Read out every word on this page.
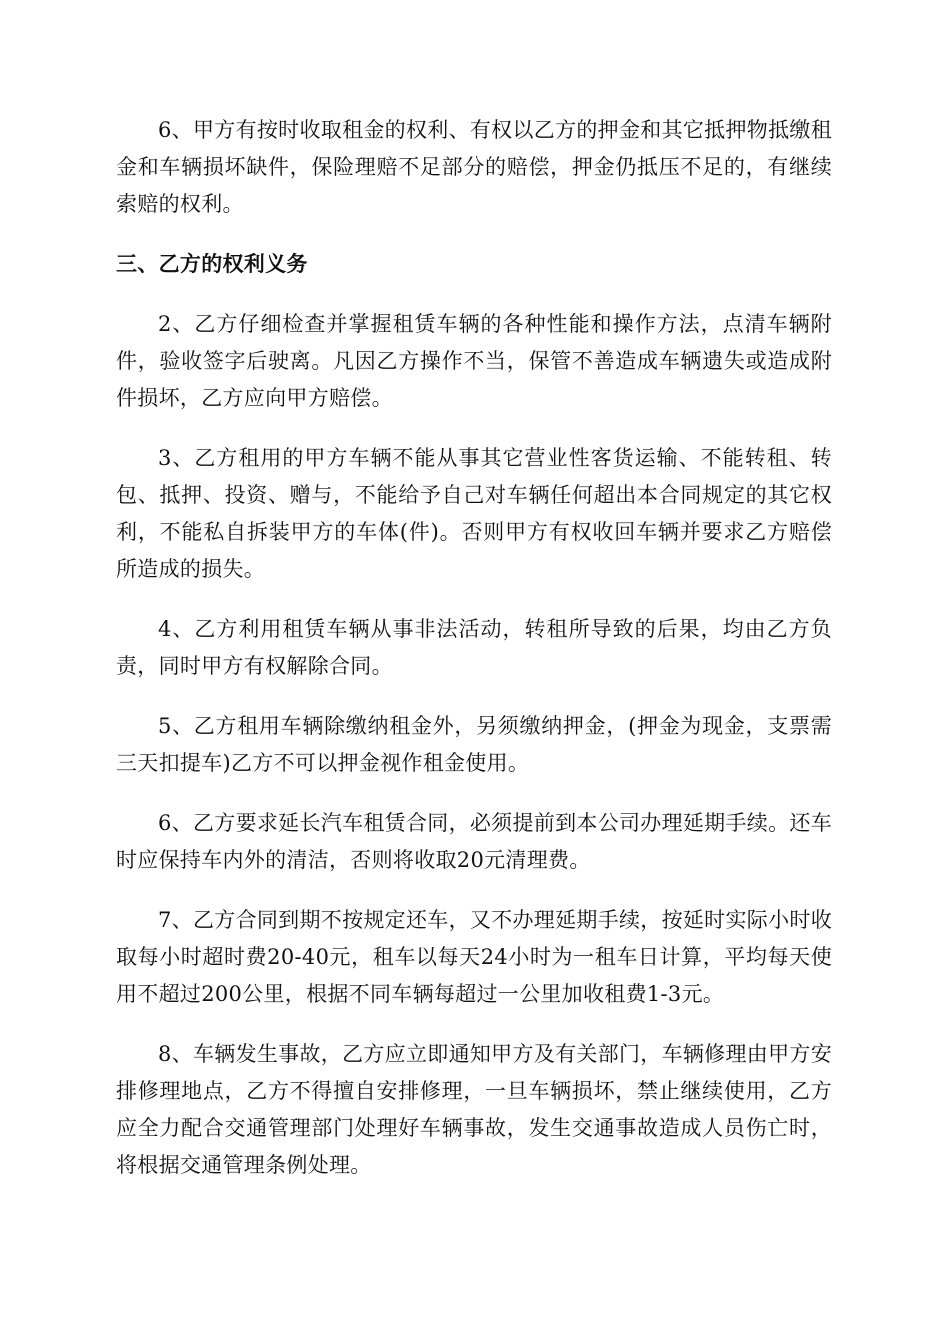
6、甲方有按时收取租金的权利、有权以乙方的押金和其它抵押物抵缴租金和车辆损坏缺件，保险理赔不足部分的赔偿，押金仍抵压不足的，有继续索赔的权利。

三、乙方的权利义务

2、乙方仔细检查并掌握租赁车辆的各种性能和操作方法，点清车辆附件，验收签字后驶离。凡因乙方操作不当，保管不善造成车辆遗失或造成附件损坏，乙方应向甲方赔偿。

3、乙方租用的甲方车辆不能从事其它营业性客货运输、不能转租、转包、抵押、投资、赠与，不能给予自己对车辆任何超出本合同规定的其它权利，不能私自拆装甲方的车体(件)。否则甲方有权收回车辆并要求乙方赔偿所造成的损失。

4、乙方利用租赁车辆从事非法活动，转租所导致的后果，均由乙方负责，同时甲方有权解除合同。

5、乙方租用车辆除缴纳租金外，另须缴纳押金，(押金为现金，支票需三天扣提车)乙方不可以押金视作租金使用。

6、乙方要求延长汽车租赁合同，必须提前到本公司办理延期手续。还车时应保持车内外的清洁，否则将收取20元清理费。

7、乙方合同到期不按规定还车，又不办理延期手续，按延时实际小时收取每小时超时费20-40元，租车以每天24小时为一租车日计算，平均每天使用不超过200公里，根据不同车辆每超过一公里加收租费1-3元。

8、车辆发生事故，乙方应立即通知甲方及有关部门，车辆修理由甲方安排修理地点，乙方不得擅自安排修理，一旦车辆损坏，禁止继续使用，乙方应全力配合交通管理部门处理好车辆事故，发生交通事故造成人员伤亡时，将根据交通管理条例处理。
